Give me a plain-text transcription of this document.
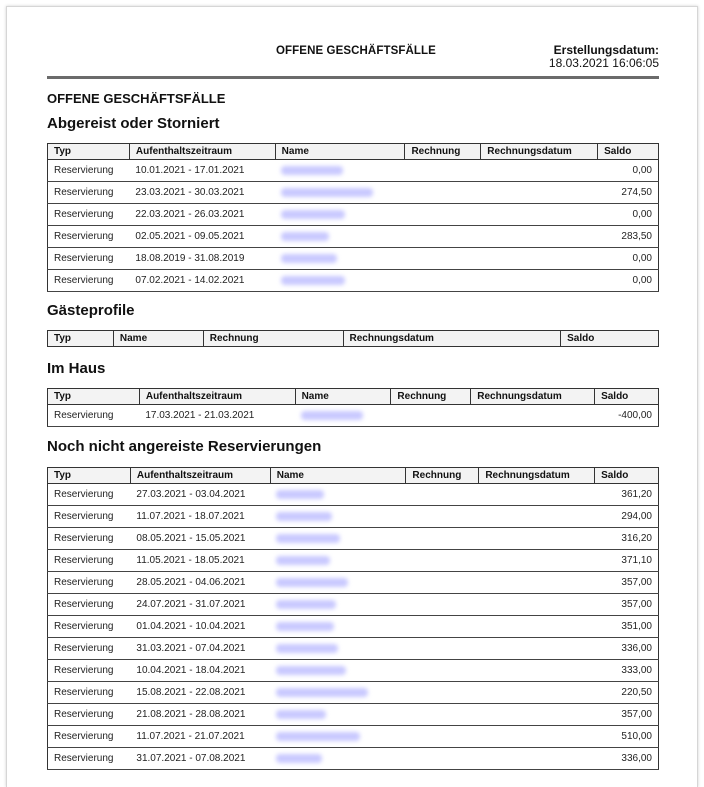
OFFENE GESCHÄFTSFÄLLE	Erstellungsdatum:
18.03.2021 16:06:05
OFFENE GESCHÄFTSFÄLLE
Abgereist oder Storniert
Typ	Aufenthaltszeitraum	Name	Rechnung	Rechnungsdatum	Saldo
Reservierung	10.01.2021 - 17.01.2021				0,00
Reservierung	23.03.2021 - 30.03.2021				274,50
Reservierung	22.03.2021 - 26.03.2021				0,00
Reservierung	02.05.2021 - 09.05.2021				283,50
Reservierung	18.08.2019 - 31.08.2019				0,00
Reservierung	07.02.2021 - 14.02.2021				0,00
Gästeprofile
Typ	Name	Rechnung	Rechnungsdatum	Saldo
Im Haus
Typ	Aufenthaltszeitraum	Name	Rechnung	Rechnungsdatum	Saldo
Reservierung	17.03.2021 - 21.03.2021				-400,00
Noch nicht angereiste Reservierungen
Typ	Aufenthaltszeitraum	Name	Rechnung	Rechnungsdatum	Saldo
Reservierung	27.03.2021 - 03.04.2021				361,20
Reservierung	11.07.2021 - 18.07.2021				294,00
Reservierung	08.05.2021 - 15.05.2021				316,20
Reservierung	11.05.2021 - 18.05.2021				371,10
Reservierung	28.05.2021 - 04.06.2021				357,00
Reservierung	24.07.2021 - 31.07.2021				357,00
Reservierung	01.04.2021 - 10.04.2021				351,00
Reservierung	31.03.2021 - 07.04.2021				336,00
Reservierung	10.04.2021 - 18.04.2021				333,00
Reservierung	15.08.2021 - 22.08.2021				220,50
Reservierung	21.08.2021 - 28.08.2021				357,00
Reservierung	11.07.2021 - 21.07.2021				510,00
Reservierung	31.07.2021 - 07.08.2021				336,00
